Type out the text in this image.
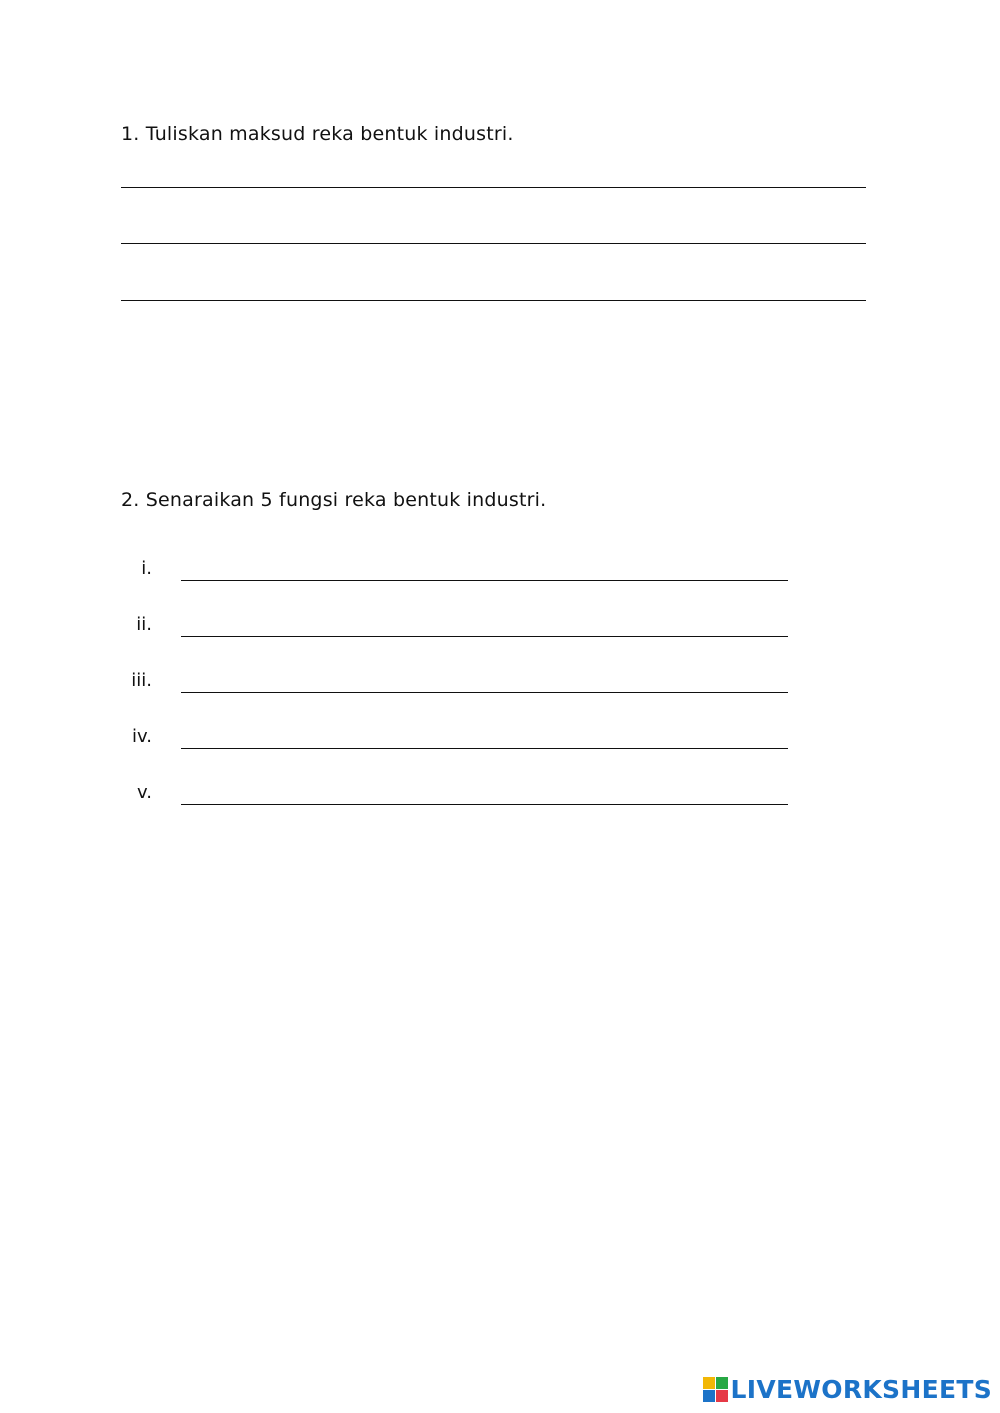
1. Tuliskan maksud reka bentuk industri.
2. Senaraikan 5 fungsi reka bentuk industri.
i.
ii.
iii.
iv.
v.
LIVEWORKSHEETS
